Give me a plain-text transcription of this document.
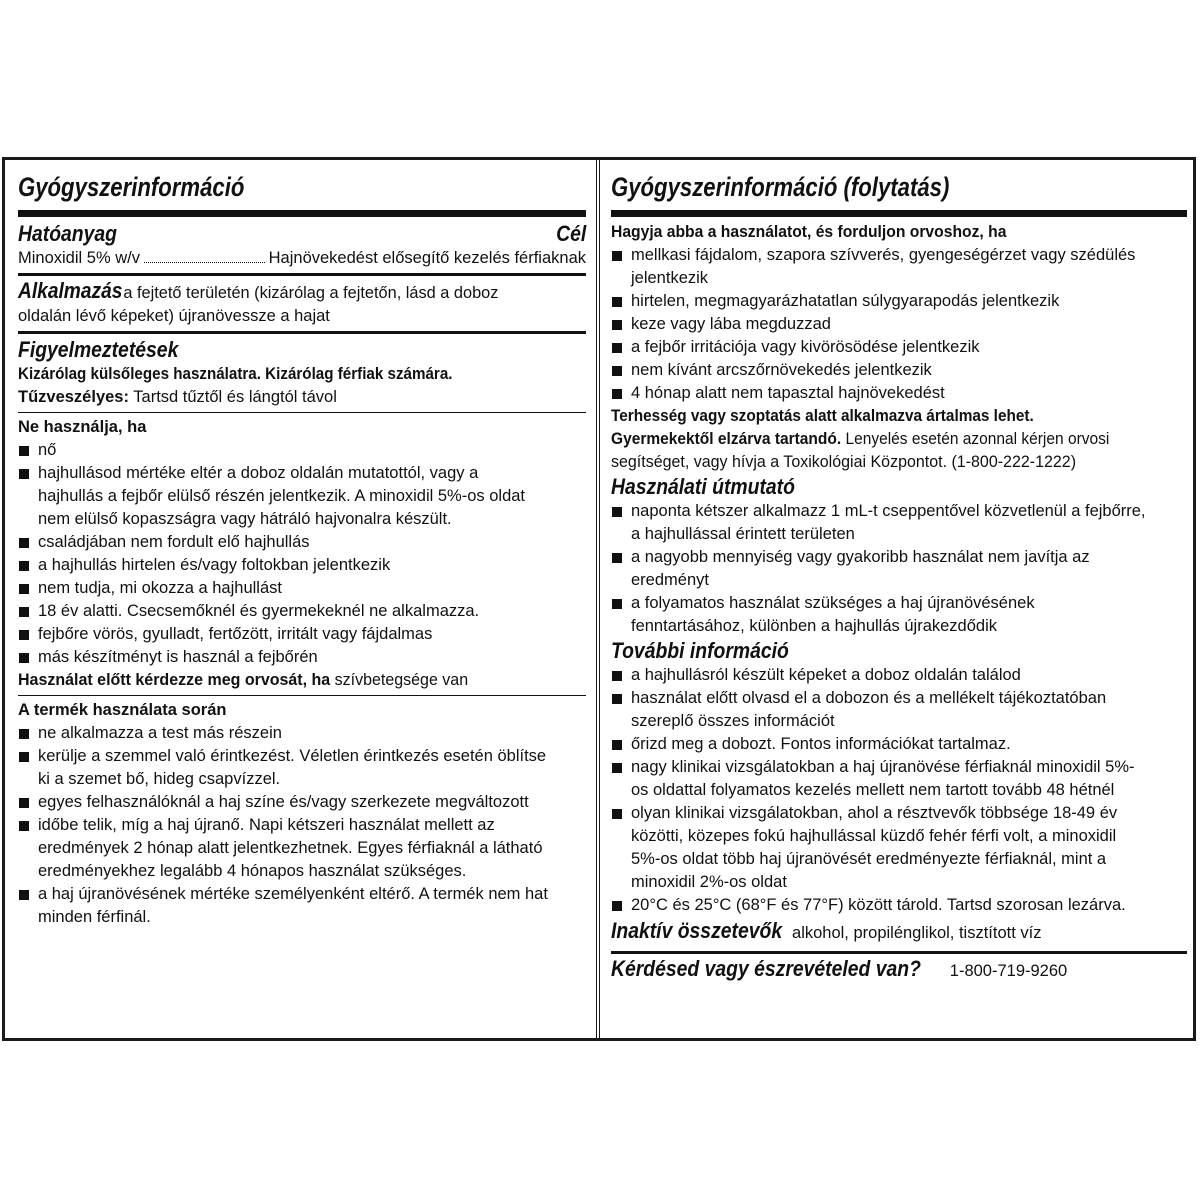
Gyógyszerinformáció
Hatóanyag	Cél
Minoxidil 5% w/v	Hajnövekedést elősegítő kezelés férfiaknak
Alkalmazás a fejtető területén (kizárólag a fejtetőn, lásd a doboz
oldalán lévő képeket) újranövessze a hajat
Figyelmeztetések
Kizárólag külsőleges használatra. Kizárólag férfiak számára.
Tűzveszélyes: Tartsd tűztől és lángtól távol
Ne használja, ha
nő
hajhullásod mértéke eltér a doboz oldalán mutatottól, vagy a
hajhullás a fejbőr elülső részén jelentkezik. A minoxidil 5%-os oldat
nem elülső kopaszságra vagy hátráló hajvonalra készült.
családjában nem fordult elő hajhullás
a hajhullás hirtelen és/vagy foltokban jelentkezik
nem tudja, mi okozza a hajhullást
18 év alatti. Csecsemőknél és gyermekeknél ne alkalmazza.
fejbőre vörös, gyulladt, fertőzött, irritált vagy fájdalmas
más készítményt is használ a fejbőrén
Használat előtt kérdezze meg orvosát, ha szívbetegsége van
A termék használata során
ne alkalmazza a test más részein
kerülje a szemmel való érintkezést. Véletlen érintkezés esetén öblítse
ki a szemet bő, hideg csapvízzel.
egyes felhasználóknál a haj színe és/vagy szerkezete megváltozott
időbe telik, míg a haj újranő. Napi kétszeri használat mellett az
eredmények 2 hónap alatt jelentkezhetnek. Egyes férfiaknál a látható
eredményekhez legalább 4 hónapos használat szükséges.
a haj újranövésének mértéke személyenként eltérő. A termék nem hat
minden férfinál.
Gyógyszerinformáció (folytatás)
Hagyja abba a használatot, és forduljon orvoshoz, ha
mellkasi fájdalom, szapora szívverés, gyengeségérzet vagy szédülés
jelentkezik
hirtelen, megmagyarázhatatlan súlygyarapodás jelentkezik
keze vagy lába megduzzad
a fejbőr irritációja vagy kivörösödése jelentkezik
nem kívánt arcszőrnövekedés jelentkezik
4 hónap alatt nem tapasztal hajnövekedést
Terhesség vagy szoptatás alatt alkalmazva ártalmas lehet.
Gyermekektől elzárva tartandó. Lenyelés esetén azonnal kérjen orvosi
segítséget, vagy hívja a Toxikológiai Központot. (1-800-222-1222)
Használati útmutató
naponta kétszer alkalmazz 1 mL-t cseppentővel közvetlenül a fejbőrre,
a hajhullással érintett területen
a nagyobb mennyiség vagy gyakoribb használat nem javítja az
eredményt
a folyamatos használat szükséges a haj újranövésének
fenntartásához, különben a hajhullás újrakezdődik
További információ
a hajhullásról készült képeket a doboz oldalán találod
használat előtt olvasd el a dobozon és a mellékelt tájékoztatóban
szereplő összes információt
őrizd meg a dobozt. Fontos információkat tartalmaz.
nagy klinikai vizsgálatokban a haj újranövése férfiaknál minoxidil 5%-
os oldattal folyamatos kezelés mellett nem tartott tovább 48 hétnél
olyan klinikai vizsgálatokban, ahol a résztvevők többsége 18-49 év
közötti, közepes fokú hajhullással küzdő fehér férfi volt, a minoxidil
5%-os oldat több haj újranövését eredményezte férfiaknál, mint a
minoxidil 2%-os oldat
20°C és 25°C (68°F és 77°F) között tárold. Tartsd szorosan lezárva.
Inaktív összetevők alkohol, propilénglikol, tisztított víz
Kérdésed vagy észrevételed van? 1-800-719-9260
